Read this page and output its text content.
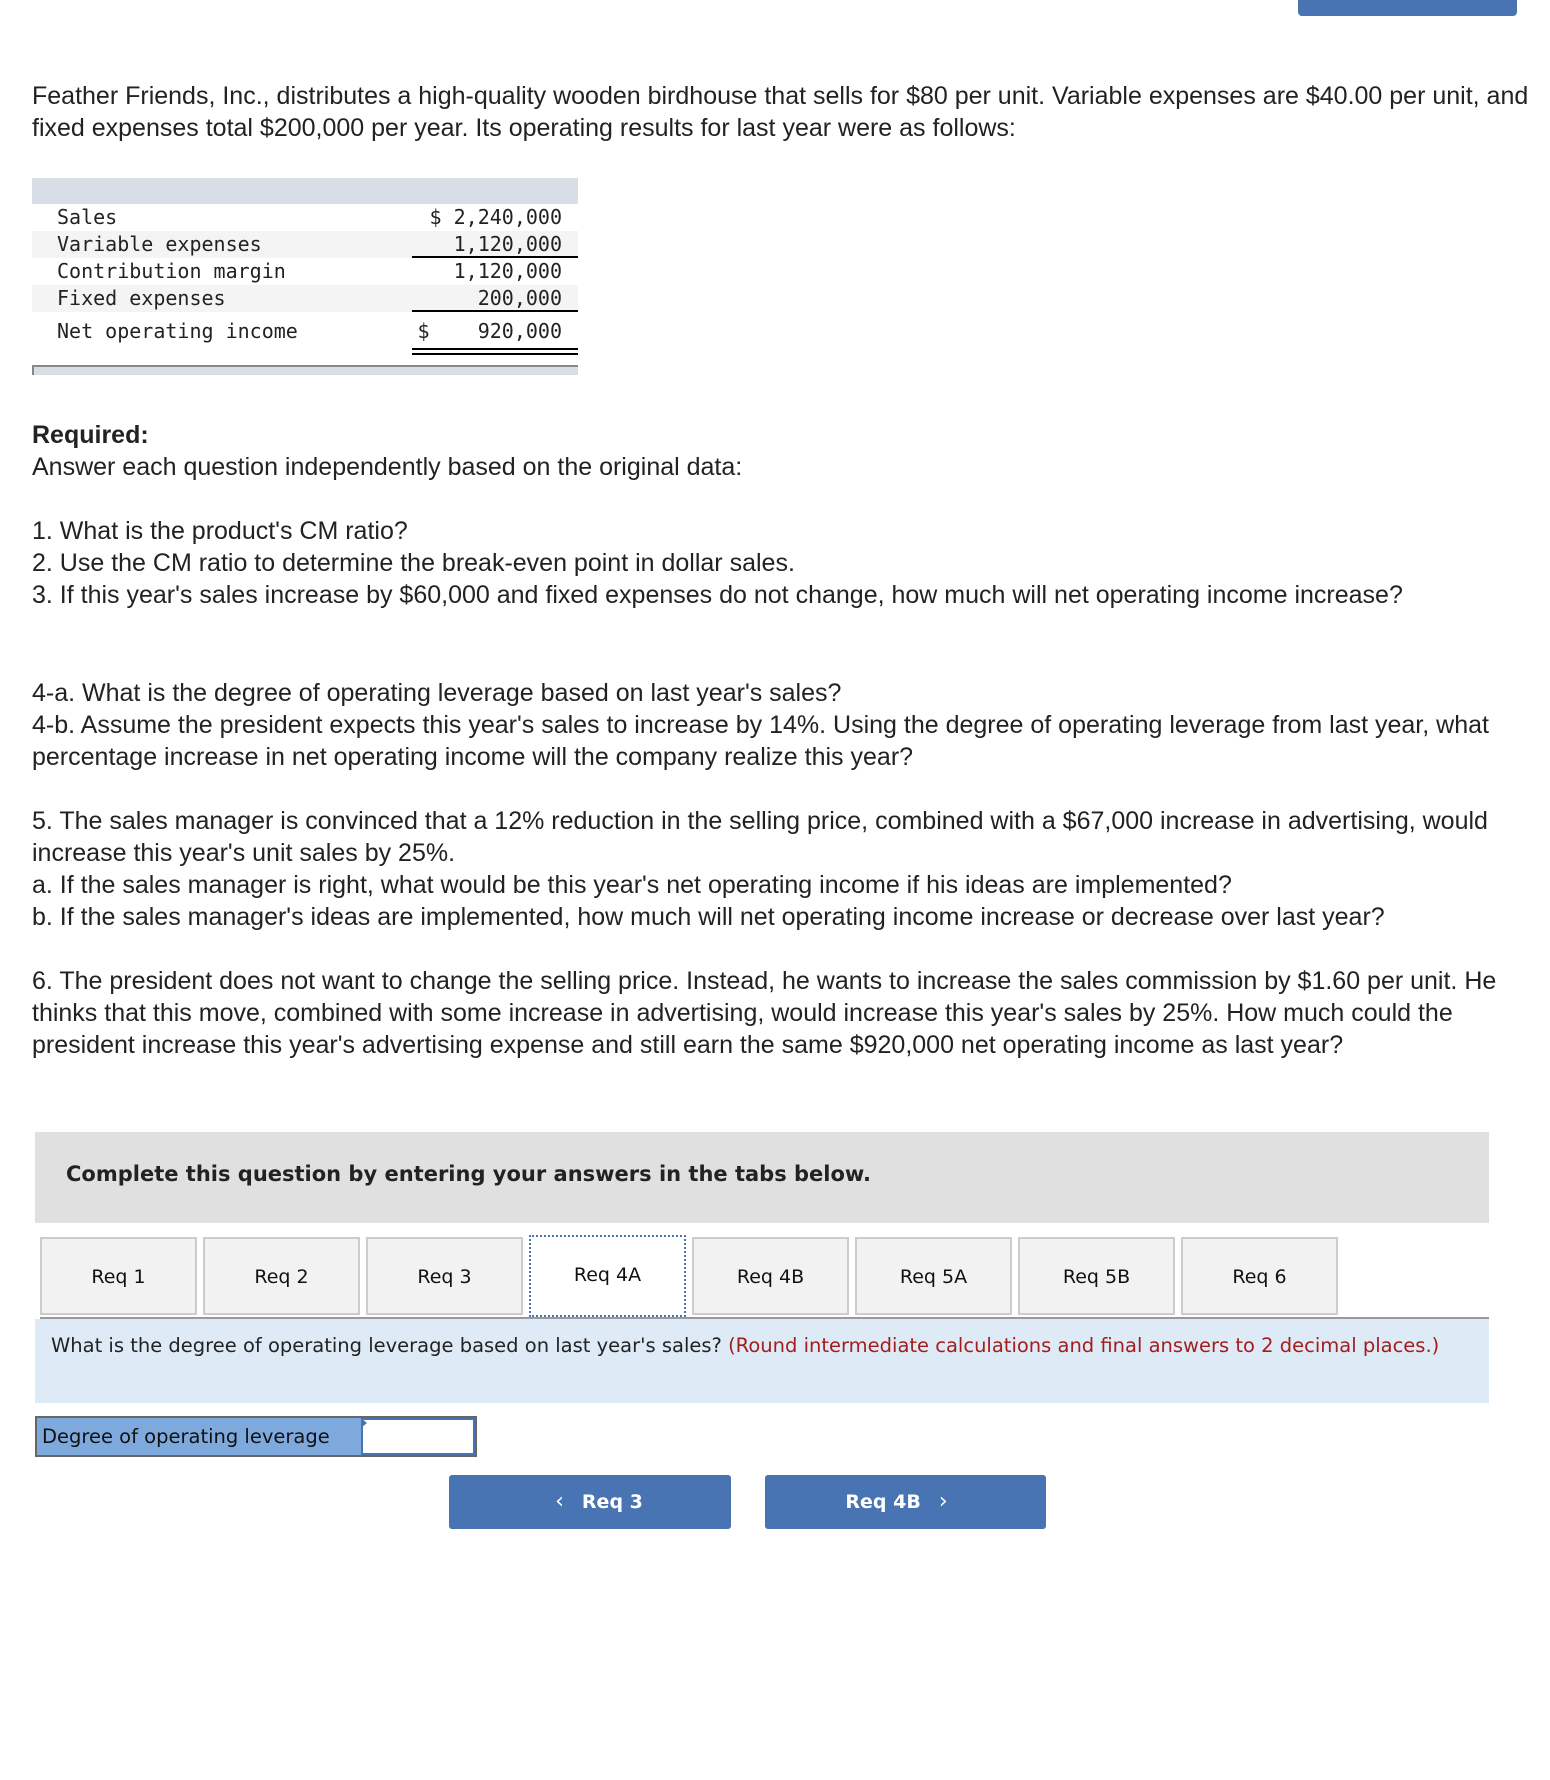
Feather Friends, Inc., distributes a high-quality wooden birdhouse that sells for $80 per unit. Variable expenses are $40.00 per unit, and fixed expenses total $200,000 per year. Its operating results for last year were as follows:

Sales	$ 2,240,000
Variable expenses	1,120,000
Contribution margin	1,120,000
Fixed expenses	200,000
Net operating income	$    920,000

Required:

Answer each question independently based on the original data:

1. What is the product's CM ratio?

2. Use the CM ratio to determine the break-even point in dollar sales.

3. If this year's sales increase by $60,000 and fixed expenses do not change, how much will net operating income increase?

4-a. What is the degree of operating leverage based on last year's sales?

4-b. Assume the president expects this year's sales to increase by 14%. Using the degree of operating leverage from last year, what percentage increase in net operating income will the company realize this year?

5. The sales manager is convinced that a 12% reduction in the selling price, combined with a $67,000 increase in advertising, would increase this year's unit sales by 25%.

a. If the sales manager is right, what would be this year's net operating income if his ideas are implemented?

b. If the sales manager's ideas are implemented, how much will net operating income increase or decrease over last year?

6. The president does not want to change the selling price. Instead, he wants to increase the sales commission by $1.60 per unit. He thinks that this move, combined with some increase in advertising, would increase this year's sales by 25%. How much could the president increase this year's advertising expense and still earn the same $920,000 net operating income as last year?

Complete this question by entering your answers in the tabs below.
Req 1	Req 2	Req 3	Req 4A	Req 4B	Req 5A	Req 5B	Req 6
What is the degree of operating leverage based on last year's sales? (Round intermediate calculations and final answers to 2 decimal places.)
Degree of operating leverage
‹ Req 3	Req 4B ›
